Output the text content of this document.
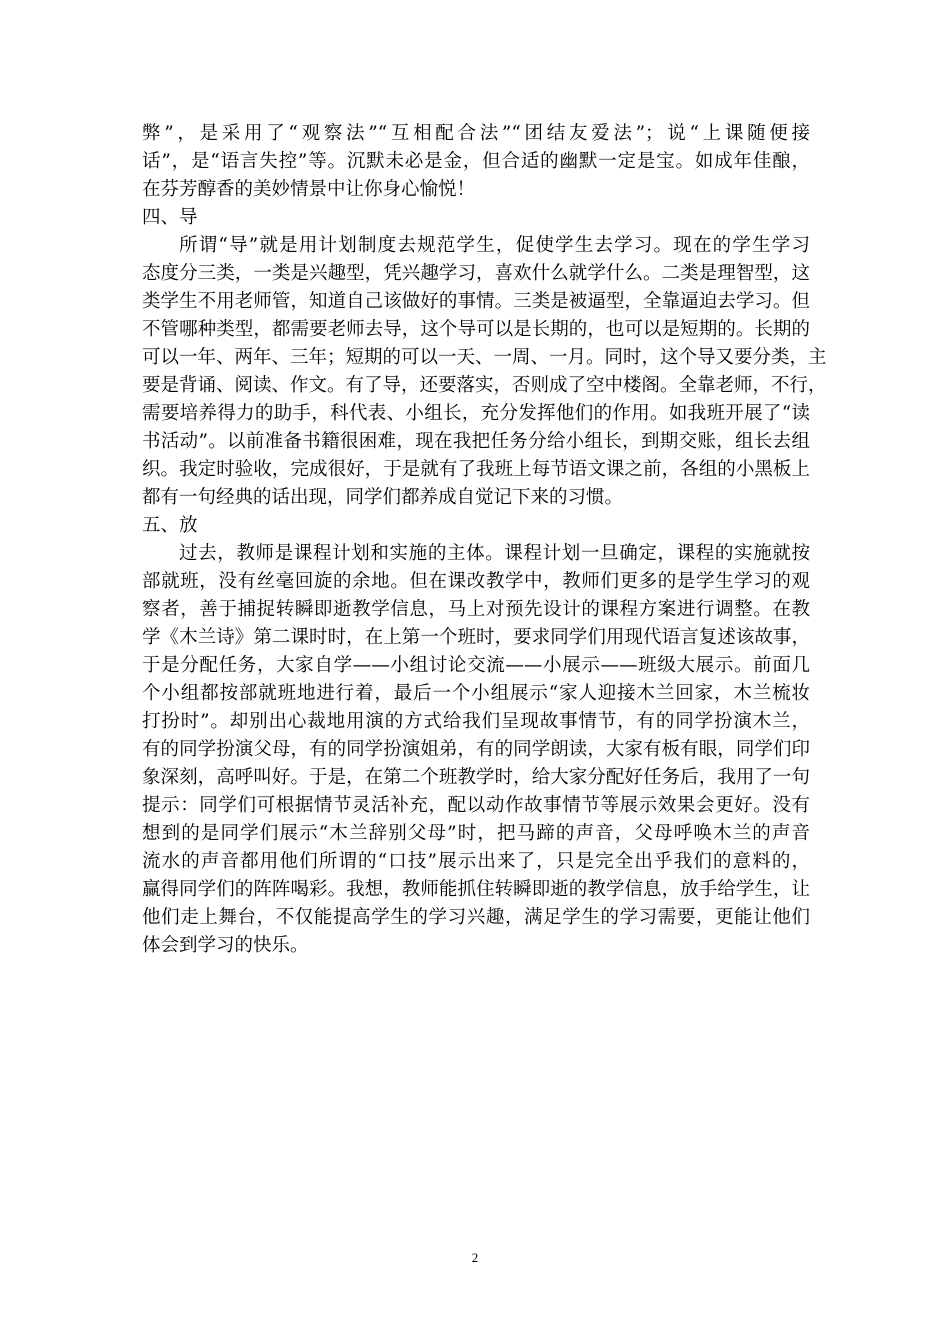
弊”，是采用了“观察法”“互相配合法”“团结友爱法”；说“上课随便接
话”，是“语言失控”等。沉默未必是金，但合适的幽默一定是宝。如成年佳酿，
在芬芳醇香的美妙情景中让你身心愉悦！
四、导
所谓“导”就是用计划制度去规范学生，促使学生去学习。现在的学生学习
态度分三类，一类是兴趣型，凭兴趣学习，喜欢什么就学什么。二类是理智型，这
类学生不用老师管，知道自己该做好的事情。三类是被逼型，全靠逼迫去学习。但
不管哪种类型，都需要老师去导，这个导可以是长期的，也可以是短期的。长期的
可以一年、两年、三年；短期的可以一天、一周、一月。同时，这个导又要分类，主
要是背诵、阅读、作文。有了导，还要落实，否则成了空中楼阁。全靠老师，不行，
需要培养得力的助手，科代表、小组长，充分发挥他们的作用。如我班开展了“读
书活动”。以前准备书籍很困难，现在我把任务分给小组长，到期交账，组长去组
织。我定时验收，完成很好，于是就有了我班上每节语文课之前，各组的小黑板上
都有一句经典的话出现，同学们都养成自觉记下来的习惯。
五、放
过去，教师是课程计划和实施的主体。课程计划一旦确定，课程的实施就按
部就班，没有丝毫回旋的余地。但在课改教学中，教师们更多的是学生学习的观
察者，善于捕捉转瞬即逝教学信息，马上对预先设计的课程方案进行调整。在教
学《木兰诗》第二课时时，在上第一个班时，要求同学们用现代语言复述该故事，
于是分配任务，大家自学——小组讨论交流——小展示——班级大展示。前面几
个小组都按部就班地进行着，最后一个小组展示“家人迎接木兰回家，木兰梳妆
打扮时”。却别出心裁地用演的方式给我们呈现故事情节，有的同学扮演木兰，
有的同学扮演父母，有的同学扮演姐弟，有的同学朗读，大家有板有眼，同学们印
象深刻，高呼叫好。于是，在第二个班教学时，给大家分配好任务后，我用了一句
提示：同学们可根据情节灵活补充，配以动作故事情节等展示效果会更好。没有
想到的是同学们展示“木兰辞别父母”时，把马蹄的声音，父母呼唤木兰的声音
流水的声音都用他们所谓的“口技”展示出来了，只是完全出乎我们的意料的，
赢得同学们的阵阵喝彩。我想，教师能抓住转瞬即逝的教学信息，放手给学生，让
他们走上舞台，不仅能提高学生的学习兴趣，满足学生的学习需要，更能让他们
体会到学习的快乐。
2
